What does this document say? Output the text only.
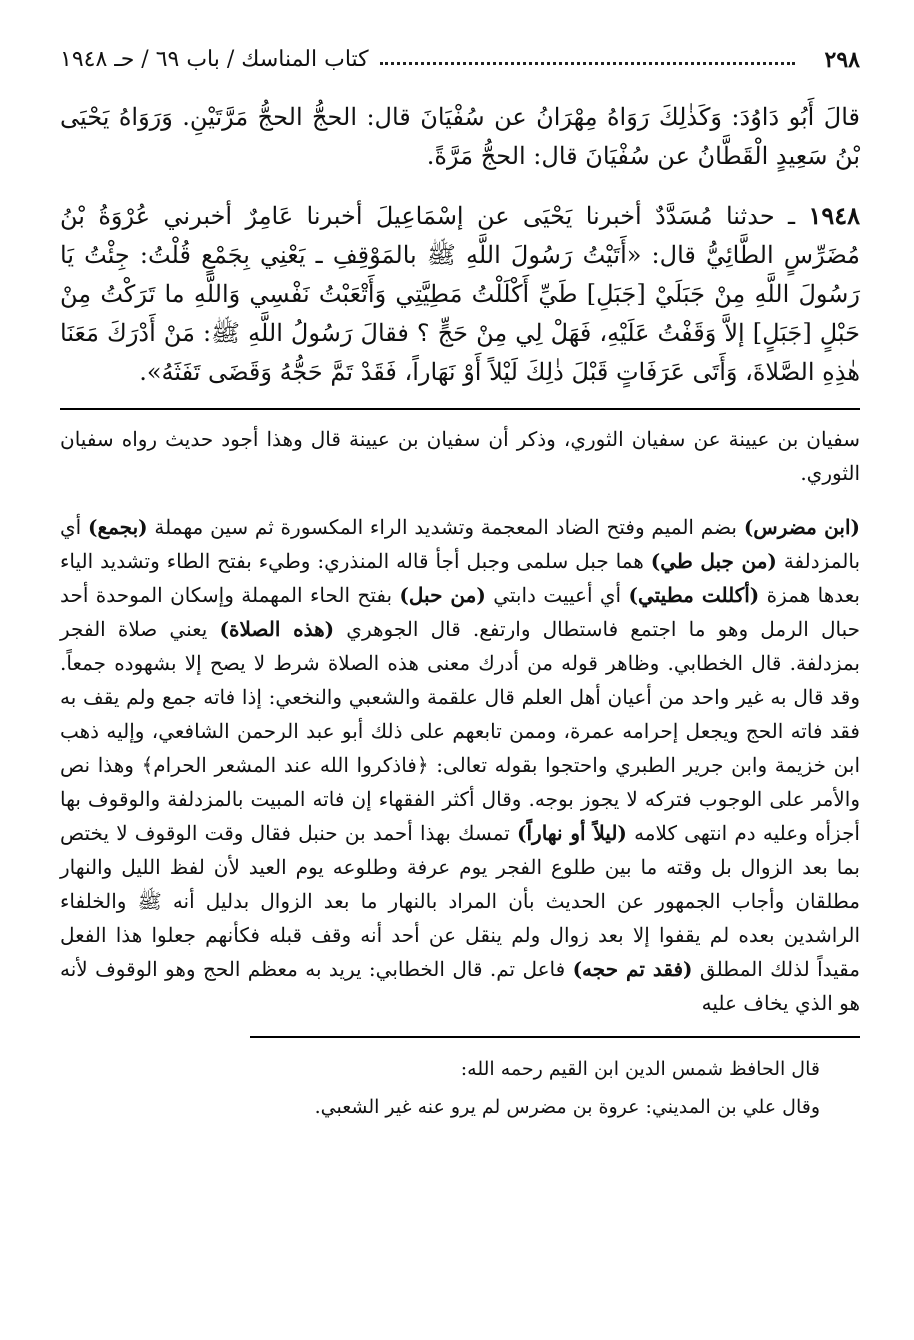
٢٩٨
كتاب المناسك / باب ٦٩ / حـ ١٩٤٨

قالَ أَبُو دَاوُدَ: وَكَذٰلِكَ رَوَاهُ مِهْرَانُ عن سُفْيَانَ قال: الحجُّ الحجُّ مَرَّتَيْنِ. وَرَوَاهُ يَحْيَى بْنُ سَعِيدٍ الْقَطَّانُ عن سُفْيَانَ قال: الحجُّ مَرَّةً.

١٩٤٨ ـ حدثنا مُسَدَّدٌ أخبرنا يَحْيَى عن إسْمَاعِيلَ أخبرنا عَامِرٌ أخبرني عُرْوَةُ بْنُ مُضَرِّسٍ الطَّائِيُّ قال: «أَتَيْتُ رَسُولَ اللَّهِ ﷺ بالمَوْقِفِ ـ يَعْنِي بِجَمْعٍ قُلْتُ: جِئْتُ يَا رَسُولَ اللَّهِ مِنْ جَبَلَيْ [جَبَلِ] طَيِّ أَكْلَلْتُ مَطِيَّتِي وَأَتْعَبْتُ نَفْسِي وَاللَّهِ ما تَرَكْتُ مِنْ حَبْلٍ [جَبَلٍ] إلاَّ وَقَفْتُ عَلَيْهِ، فَهَلْ لِي مِنْ حَجٍّ ؟ فقالَ رَسُولُ اللَّهِ ﷺ: مَنْ أَدْرَكَ مَعَنَا هٰذِهِ الصَّلاةَ، وَأَتَى عَرَفَاتٍ قَبْلَ ذٰلِكَ لَيْلاً أَوْ نَهَاراً، فَقَدْ تَمَّ حَجُّهُ وَقَضَى تَفَثَهُ».

سفيان بن عيينة عن سفيان الثوري، وذكر أن سفيان بن عيينة قال وهذا أجود حديث رواه سفيان الثوري.

(ابن مضرس) بضم الميم وفتح الضاد المعجمة وتشديد الراء المكسورة ثم سين مهملة (بجمع) أي بالمزدلفة (من جبل طي) هما جبل سلمى وجبل أجأ قاله المنذري: وطيء بفتح الطاء وتشديد الياء بعدها همزة (أكللت مطيتي) أي أعييت دابتي (من حبل) بفتح الحاء المهملة وإسكان الموحدة أحد حبال الرمل وهو ما اجتمع فاستطال وارتفع. قال الجوهري (هذه الصلاة) يعني صلاة الفجر بمزدلفة. قال الخطابي. وظاهر قوله من أدرك معنى هذه الصلاة شرط لا يصح إلا بشهوده جمعاً. وقد قال به غير واحد من أعيان أهل العلم قال علقمة والشعبي والنخعي: إذا فاته جمع ولم يقف به فقد فاته الحج ويجعل إحرامه عمرة، وممن تابعهم على ذلك أبو عبد الرحمن الشافعي، وإليه ذهب ابن خزيمة وابن جرير الطبري واحتجوا بقوله تعالى: ﴿فاذكروا الله عند المشعر الحرام﴾ وهذا نص والأمر على الوجوب فتركه لا يجوز بوجه. وقال أكثر الفقهاء إن فاته المبيت بالمزدلفة والوقوف بها أجزأه وعليه دم انتهى كلامه (ليلاً أو نهاراً) تمسك بهذا أحمد بن حنبل فقال وقت الوقوف لا يختص بما بعد الزوال بل وقته ما بين طلوع الفجر يوم عرفة وطلوعه يوم العيد لأن لفظ الليل والنهار مطلقان وأجاب الجمهور عن الحديث بأن المراد بالنهار ما بعد الزوال بدليل أنه ﷺ والخلفاء الراشدين بعده لم يقفوا إلا بعد زوال ولم ينقل عن أحد أنه وقف قبله فكأنهم جعلوا هذا الفعل مقيداً لذلك المطلق (فقد تم حجه) فاعل تم. قال الخطابي: يريد به معظم الحج وهو الوقوف لأنه هو الذي يخاف عليه

قال الحافظ شمس الدين ابن القيم رحمه الله:

وقال علي بن المديني: عروة بن مضرس لم يرو عنه غير الشعبي.
